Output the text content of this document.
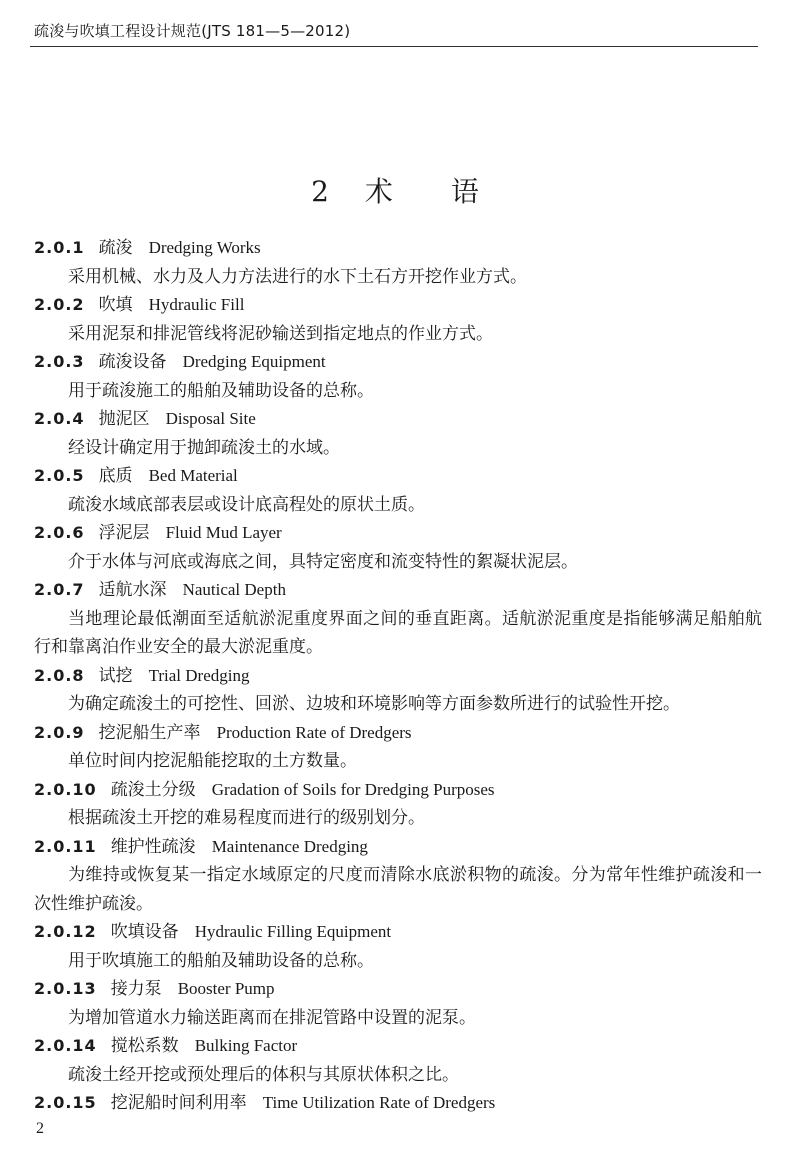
疏浚与吹填工程设计规范(JTS 181—5—2012)
2 术 语
2.0.1 疏浚 Dredging Works

采用机械、水力及人力方法进行的水下土石方开挖作业方式。

2.0.2 吹填 Hydraulic Fill

采用泥泵和排泥管线将泥砂输送到指定地点的作业方式。

2.0.3 疏浚设备 Dredging Equipment

用于疏浚施工的船舶及辅助设备的总称。

2.0.4 抛泥区 Disposal Site

经设计确定用于抛卸疏浚土的水域。

2.0.5 底质 Bed Material

疏浚水域底部表层或设计底高程处的原状土质。

2.0.6 浮泥层 Fluid Mud Layer

介于水体与河底或海底之间，具特定密度和流变特性的絮凝状泥层。

2.0.7 适航水深 Nautical Depth

当地理论最低潮面至适航淤泥重度界面之间的垂直距离。适航淤泥重度是指能够满足船舶航行和靠离泊作业安全的最大淤泥重度。

2.0.8 试挖 Trial Dredging

为确定疏浚土的可挖性、回淤、边坡和环境影响等方面参数所进行的试验性开挖。

2.0.9 挖泥船生产率 Production Rate of Dredgers

单位时间内挖泥船能挖取的土方数量。

2.0.10 疏浚土分级 Gradation of Soils for Dredging Purposes

根据疏浚土开挖的难易程度而进行的级别划分。

2.0.11 维护性疏浚 Maintenance Dredging

为维持或恢复某一指定水域原定的尺度而清除水底淤积物的疏浚。分为常年性维护疏浚和一次性维护疏浚。

2.0.12 吹填设备 Hydraulic Filling Equipment

用于吹填施工的船舶及辅助设备的总称。

2.0.13 接力泵 Booster Pump

为增加管道水力输送距离而在排泥管路中设置的泥泵。

2.0.14 搅松系数 Bulking Factor

疏浚土经开挖或预处理后的体积与其原状体积之比。

2.0.15 挖泥船时间利用率 Time Utilization Rate of Dredgers
2
